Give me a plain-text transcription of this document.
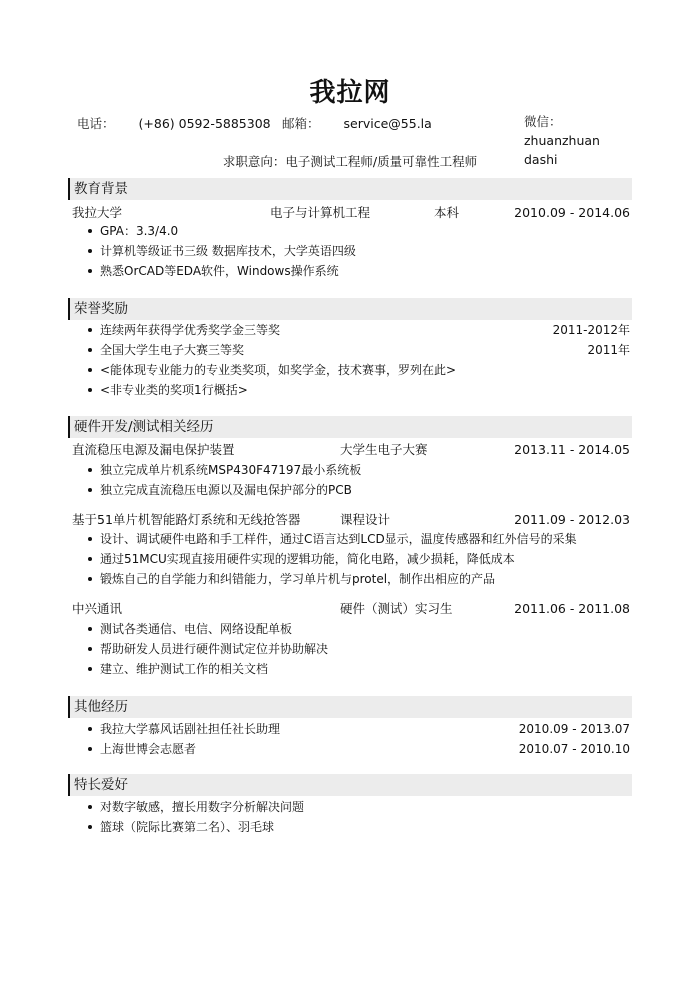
我拉网
电话： (+86) 0592-5885308 邮箱： service@55.la	微信：zhuanzhuan
dashi
求职意向：电子测试工程师/质量可靠性工程师
教育背景
我拉大学	电子与计算机工程	本科	2010.09 - 2014.06
GPA：3.3/4.0
计算机等级证书三级 数据库技术，大学英语四级
熟悉OrCAD等EDA软件，Windows操作系统
荣誉奖励
连续两年获得学优秀奖学金三等奖	2011-2012年
全国大学生电子大赛三等奖	2011年
<能体现专业能力的专业类奖项，如奖学金，技术赛事，罗列在此>
<非专业类的奖项1行概括>
硬件开发/测试相关经历
直流稳压电源及漏电保护装置	大学生电子大赛	2013.11 - 2014.05
独立完成单片机系统MSP430F47197最小系统板
独立完成直流稳压电源以及漏电保护部分的PCB
基于51单片机智能路灯系统和无线抢答器	课程设计	2011.09 - 2012.03
设计、调试硬件电路和手工样件，通过C语言达到LCD显示，温度传感器和红外信号的采集
通过51MCU实现直接用硬件实现的逻辑功能，简化电路，减少损耗，降低成本
锻炼自己的自学能力和纠错能力，学习单片机与protel，制作出相应的产品
中兴通讯	硬件（测试）实习生	2011.06 - 2011.08
测试各类通信、电信、网络设配单板
帮助研发人员进行硬件测试定位并协助解决
建立、维护测试工作的相关文档
其他经历
我拉大学慕风话剧社担任社长助理	2010.09 - 2013.07
上海世博会志愿者	2010.07 - 2010.10
特长爱好
对数字敏感，擅长用数字分析解决问题
篮球（院际比赛第二名）、羽毛球
